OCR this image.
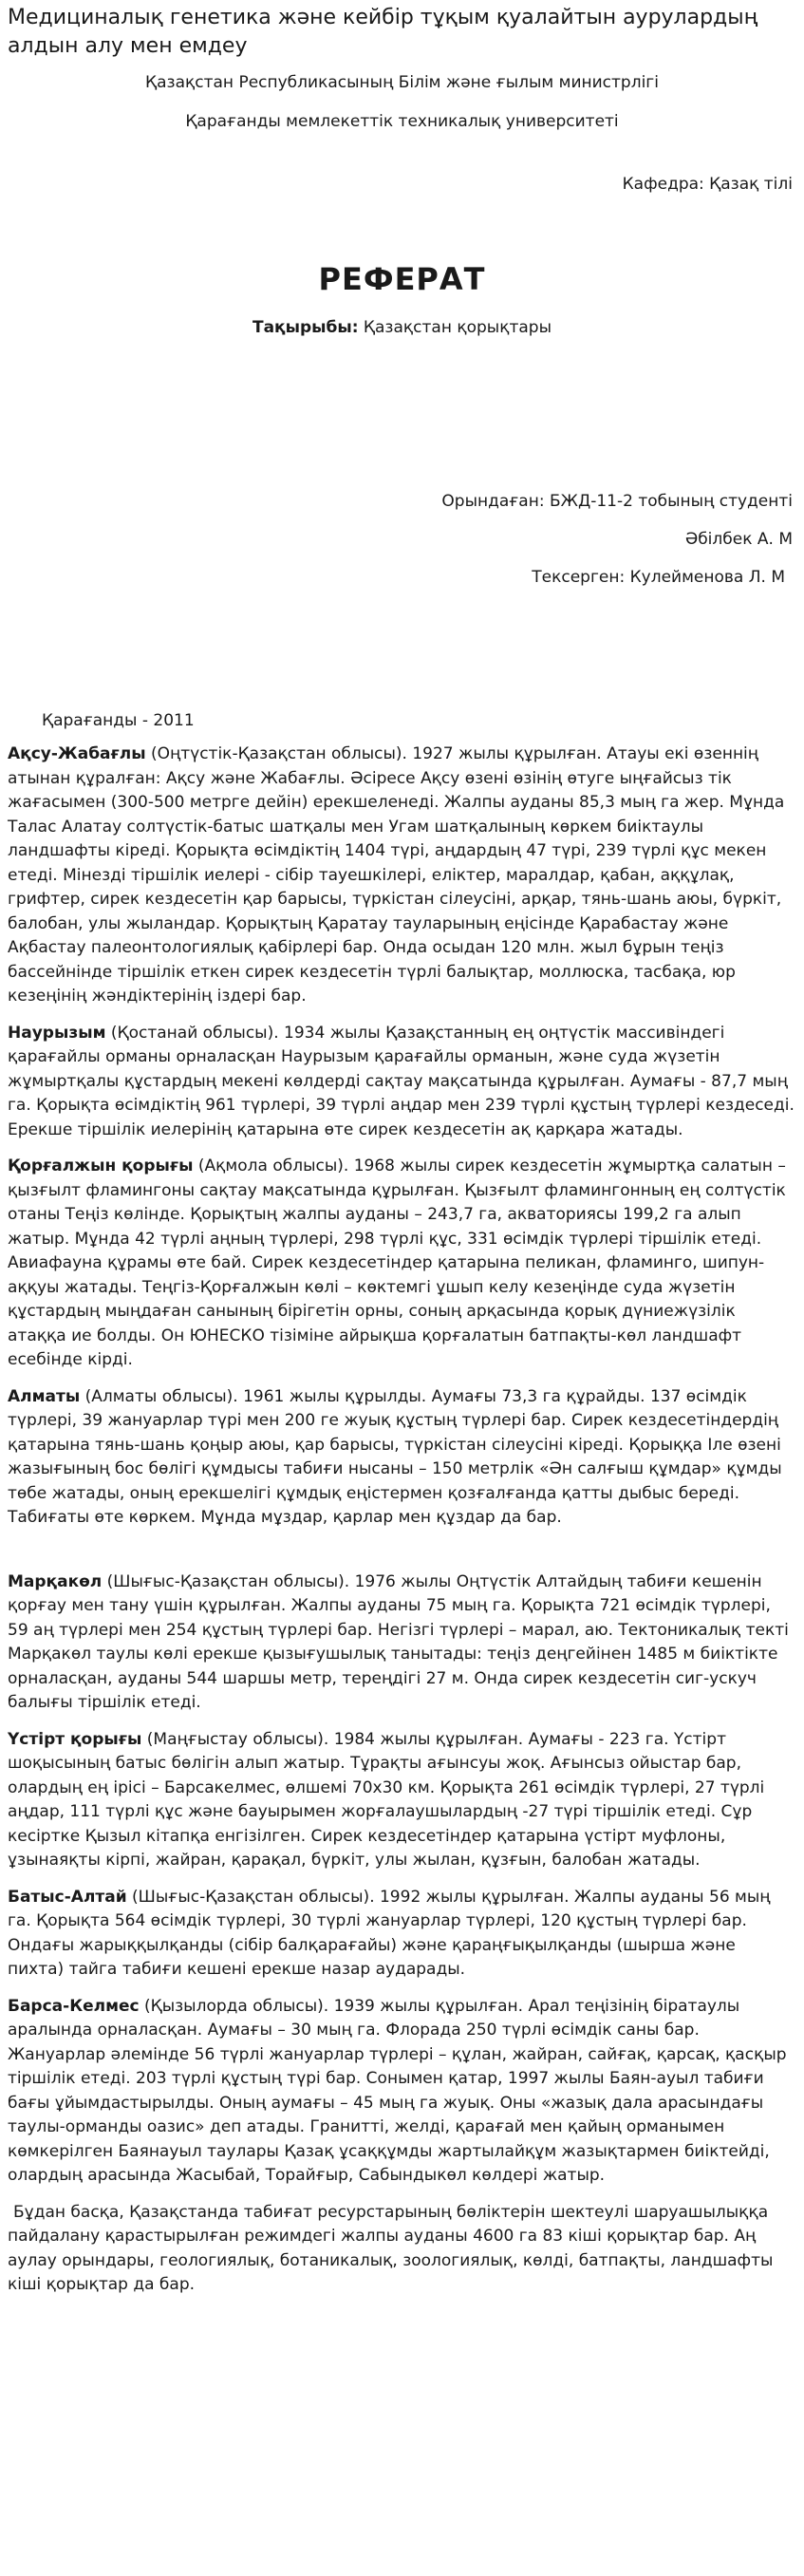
Медициналық генетика және кейбір тұқым қуалайтын аурулардың алдын алу мен емдеу

Қазақстан Республикасының Білім және ғылым министрлігі

Қарағанды мемлекеттік техникалық университеті

Кафедра: Қазақ тілі

РЕФЕРАТ

Тақырыбы: Қазақстан қорықтары

Орындаған: БЖД-11-2 тобының студенті

Әбілбек А. М

Тексерген: Кулейменова Л. М

Қарағанды - 2011

Ақсу-Жабағлы (Оңтүстік-Қазақстан облысы). 1927 жылы құрылған. Атауы екі өзеннің атынан құралған: Ақсу және Жабағлы. Әсіресе Ақсу өзені өзінің өтуге ыңғайсыз тік жағасымен (300-500 метрге дейін) ерекшеленеді. Жалпы ауданы 85,3 мың га жер. Мұнда Талас Алатау солтүстік-батыс шатқалы мен Угам шатқалының көркем биіктаулы ландшафты кіреді. Қорықта өсімдіктің 1404 түрі, аңдардың 47 түрі, 239 түрлі құс мекен етеді. Мінезді тіршілік иелері - сібір тауешкілері, еліктер, маралдар, қабан, аққұлақ, грифтер, сирек кездесетін қар барысы, түркістан сілеусіні, арқар, тянь-шань аюы, бүркіт, балобан, улы жыландар. Қорықтың Қаратау тауларының еңісінде Қарабастау және Ақбастау палеонтологиялық қабірлері бар. Онда осыдан 120 млн. жыл бұрын теңіз бассейнінде тіршілік еткен сирек кездесетін түрлі балықтар, моллюска, тасбақа, юр кезеңінің жәндіктерінің іздері бар.

Наурызым (Қостанай облысы). 1934 жылы Қазақстанның ең оңтүстік массивіндегі қарағайлы орманы орналасқан Наурызым қарағайлы орманын, және суда жүзетін жұмыртқалы құстардың мекені көлдерді сақтау мақсатында құрылған. Аумағы - 87,7 мың га. Қорықта өсімдіктің 961 түрлері, 39 түрлі аңдар мен 239 түрлі құстың түрлері кездеседі. Ерекше тіршілік иелерінің қатарына өте сирек кездесетін ақ қарқара жатады.

Қорғалжын қорығы (Ақмола облысы). 1968 жылы сирек кездесетін жұмыртқа салатын – қызғылт фламингоны сақтау мақсатында құрылған. Қызғылт фламингонның ең солтүстік отаны Теңіз көлінде. Қорықтың жалпы ауданы – 243,7 га, акваториясы 199,2 га алып жатыр. Мұнда 42 түрлі аңның түрлері, 298 түрлі құс, 331 өсімдік түрлері тіршілік етеді. Авиафауна құрамы өте бай. Сирек кездесетіндер қатарына пеликан, фламинго, шипун-аққуы жатады. Теңгіз-Қорғалжын көлі – көктемгі ұшып келу кезеңінде суда жүзетін құстардың мыңдаған санының бірігетін орны, соның арқасында қорық дүниежүзілік атаққа ие болды. Он ЮНЕСКО тізіміне айрықша қорғалатын батпақты-көл ландшафт есебінде кірді.

Алматы (Алматы облысы). 1961 жылы құрылды. Аумағы 73,3 га құрайды. 137 өсімдік түрлері, 39 жануарлар түрі мен 200 ге жуық құстың түрлері бар. Сирек кездесетіндердің қатарына тянь-шань қоңыр аюы, қар барысы, түркістан сілеусіні кіреді. Қорыққа Іле өзені жазығының бос бөлігі құмдысы табиғи нысаны – 150 метрлік «Ән салғыш құмдар» құмды төбе жатады, оның ерекшелігі құмдық еңістермен қозғалғанда қатты дыбыс береді. Табиғаты өте көркем. Мұнда мұздар, қарлар мен құздар да бар.

Марқакөл (Шығыс-Қазақстан облысы). 1976 жылы Оңтүстік Алтайдың табиғи кешенін қорғау мен тану үшін құрылған. Жалпы ауданы 75 мың га. Қорықта 721 өсімдік түрлері, 59 аң түрлері мен 254 құстың түрлері бар. Негізгі түрлері – марал, аю. Тектоникалық текті Марқакөл таулы көлі ерекше қызығушылық танытады: теңіз деңгейінен 1485 м биіктікте орналасқан, ауданы 544 шаршы метр, тереңдігі 27 м. Онда сирек кездесетін сиг-ускуч балығы тіршілік етеді.

Үстірт қорығы (Маңғыстау облысы). 1984 жылы құрылған. Аумағы - 223 га. Үстірт шоқысының батыс бөлігін алып жатыр. Тұрақты ағынсуы жоқ. Ағынсыз ойыстар бар, олардың ең ірісі – Барсакелмес, өлшемі 70х30 км. Қорықта 261 өсімдік түрлері, 27 түрлі аңдар, 111 түрлі құс және бауырымен жорғалаушылардың -27 түрі тіршілік етеді. Сұр кесіртке Қызыл кітапқа енгізілген. Сирек кездесетіндер қатарына үстірт муфлоны, ұзынаяқты кірпі, жайран, қарақал, бүркіт, улы жылан, құзғын, балобан жатады.

Батыс-Алтай (Шығыс-Қазақстан облысы). 1992 жылы құрылған. Жалпы ауданы 56 мың га. Қорықта 564 өсімдік түрлері, 30 түрлі жануарлар түрлері, 120 құстың түрлері бар. Ондағы жарыққылқанды (сібір балқарағайы) және қараңғықылқанды (шырша және пихта) тайга табиғи кешені ерекше назар аударады.

Барса-Келмес (Қызылорда облысы). 1939 жылы құрылған. Арал теңізінің біратаулы аралында орналасқан. Аумағы – 30 мың га. Флорада 250 түрлі өсімдік саны бар. Жануарлар әлемінде 56 түрлі жануарлар түрлері – құлан, жайран, сайғақ, қарсақ, қасқыр тіршілік етеді. 203 түрлі құстың түрі бар. Сонымен қатар, 1997 жылы Баян-ауыл табиғи бағы ұйымдастырылды. Оның аумағы – 45 мың га жуық. Оны «жазық дала арасындағы таулы-орманды оазис» деп атады. Гранитті, желді, қарағай мен қайың орманымен көмкерілген Баянауыл таулары Қазақ ұсаққұмды жартылайқұм жазықтармен биіктейді, олардың арасында Жасыбай, Торайғыр, Сабындыкөл көлдері жатыр.

Бұдан басқа, Қазақстанда табиғат ресурстарының бөліктерін шектеулі шаруашылыққа пайдалану қарастырылған режимдегі жалпы ауданы 4600 га 83 кіші қорықтар бар. Аң аулау орындары, геологиялық, ботаникалық, зоологиялық, көлді, батпақты, ландшафты кіші қорықтар да бар.
